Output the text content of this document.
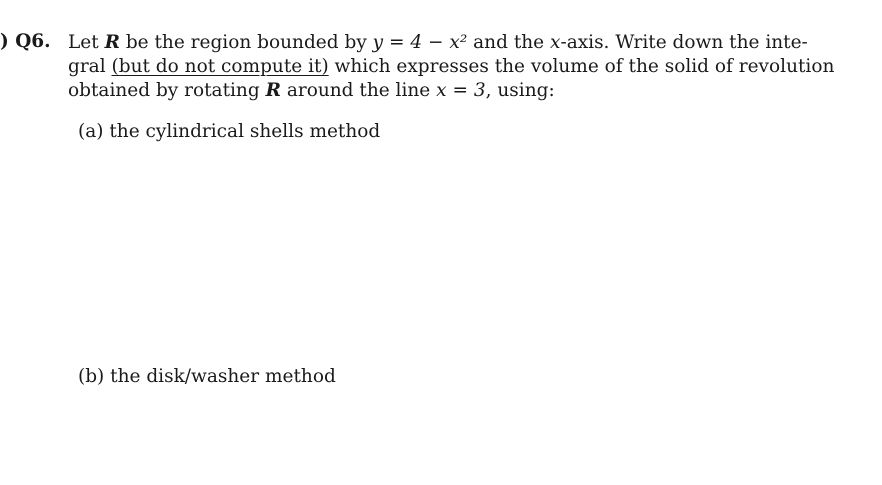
) Q6. Let R be the region bounded by y = 4 − x² and the x-axis. Write down the inte-
gral (but do not compute it) which expresses the volume of the solid of revolution
obtained by rotating R around the line x = 3, using:
(a) the cylindrical shells method
(b) the disk/washer method
